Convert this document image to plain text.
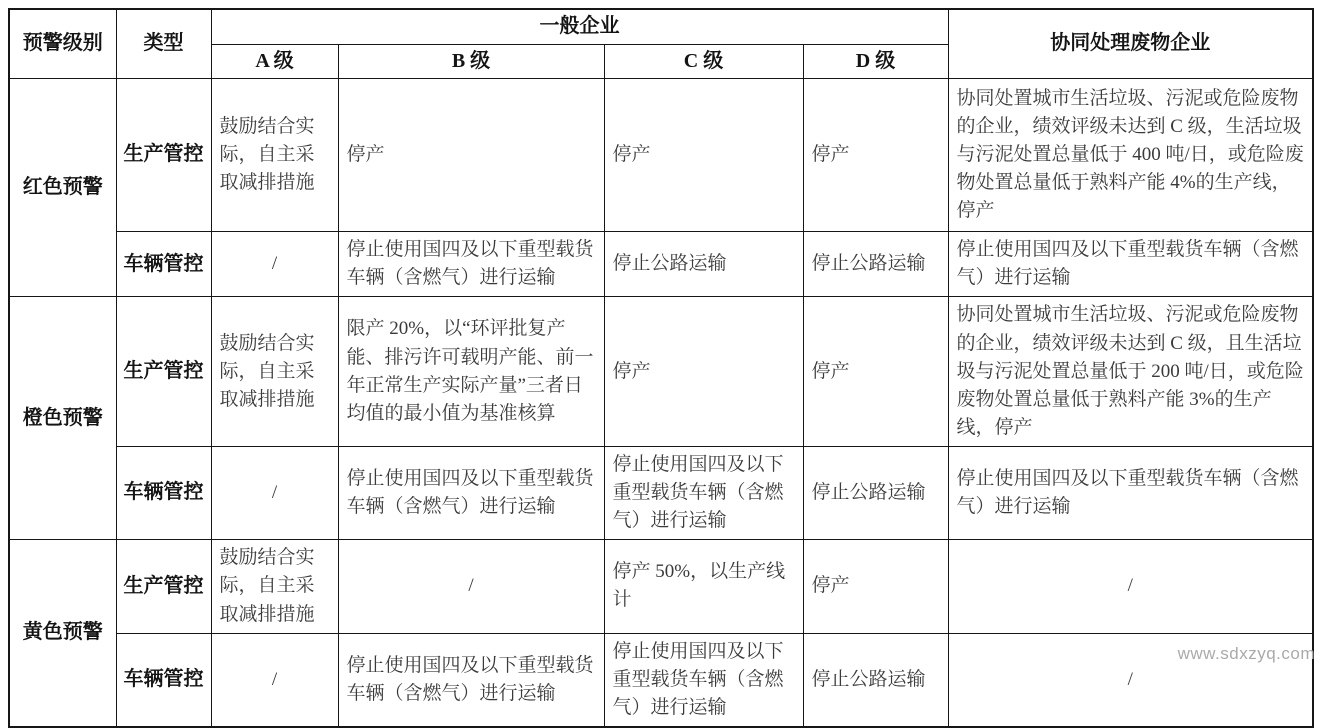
预警级别	类型	一般企业				协同处理废物企业
		A 级	B 级	C 级	D 级	
红色预警	生产管控	鼓励结合实际，自主采取减排措施	停产	停产	停产	协同处置城市生活垃圾、污泥或危险废物的企业，绩效评级未达到 C 级，生活垃圾与污泥处置总量低于 400 吨/日，或危险废物处置总量低于熟料产能 4%的生产线，停产
	车辆管控	/	停止使用国四及以下重型载货车辆（含燃气）进行运输	停止公路运输	停止公路运输	停止使用国四及以下重型载货车辆（含燃气）进行运输
橙色预警	生产管控	鼓励结合实际，自主采取减排措施	限产 20%，以“环评批复产能、排污许可载明产能、前一年正常生产实际产量”三者日均值的最小值为基准核算	停产	停产	协同处置城市生活垃圾、污泥或危险废物的企业，绩效评级未达到 C 级，且生活垃圾与污泥处置总量低于 200 吨/日，或危险废物处置总量低于熟料产能 3%的生产线，停产
	车辆管控	/	停止使用国四及以下重型载货车辆（含燃气）进行运输	停止使用国四及以下重型载货车辆（含燃气）进行运输	停止公路运输	停止使用国四及以下重型载货车辆（含燃气）进行运输
黄色预警	生产管控	鼓励结合实际，自主采取减排措施	/	停产 50%，以生产线计	停产	/
	车辆管控	/	停止使用国四及以下重型载货车辆（含燃气）进行运输	停止使用国四及以下重型载货车辆（含燃气）进行运输	停止公路运输	/
www.sdxzyq.com
